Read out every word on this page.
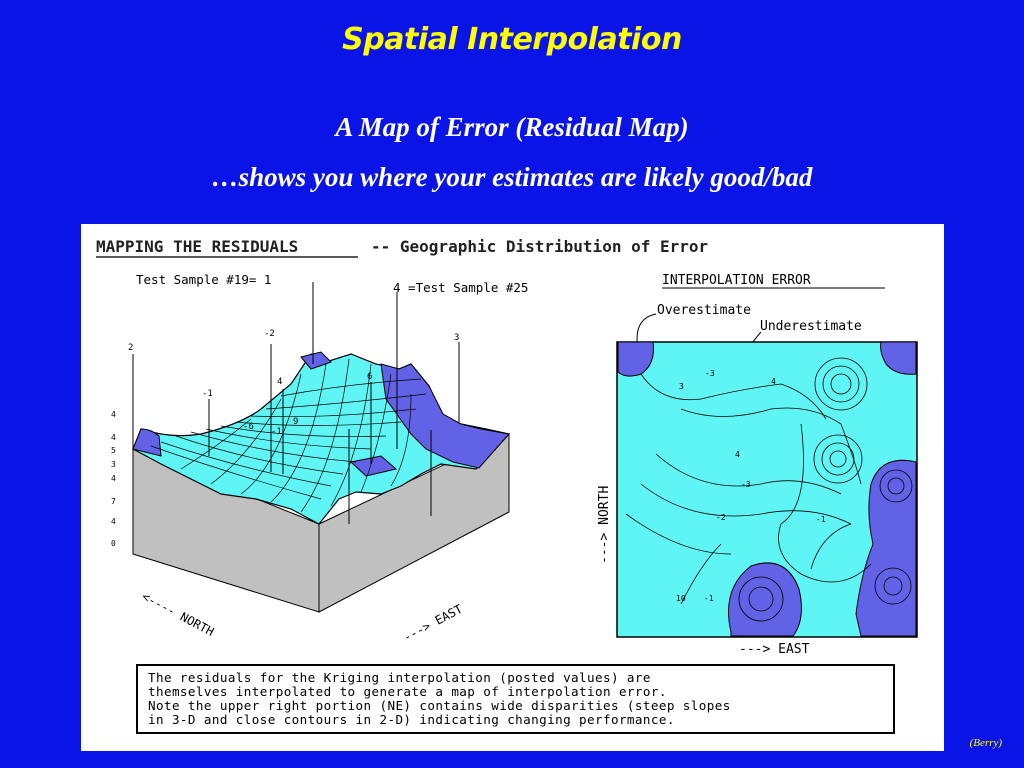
Spatial Interpolation
A Map of Error (Residual Map)
…shows you where your estimates are likely good/bad
MAPPING THE RESIDUALS	-- Geographic Distribution of Error
2
-2
-1
4	6
3
-6 -1
9
4
4
5
3
4
7
4
0
<---- NORTH	---> EAST
Test Sample #19= 1
4 =Test Sample #25	INTERPOLATION ERROR
Overestimate
Underestimate
3
-3
4
4
-3
-2	-1
10 -1
---> NORTH
---> EAST
The residuals for the Kriging interpolation (posted values) are
themselves interpolated to generate a map of interpolation error.
Note the upper right portion (NE) contains wide disparities (steep slopes
in 3-D and close contours in 2-D) indicating changing performance.
(Berry)
